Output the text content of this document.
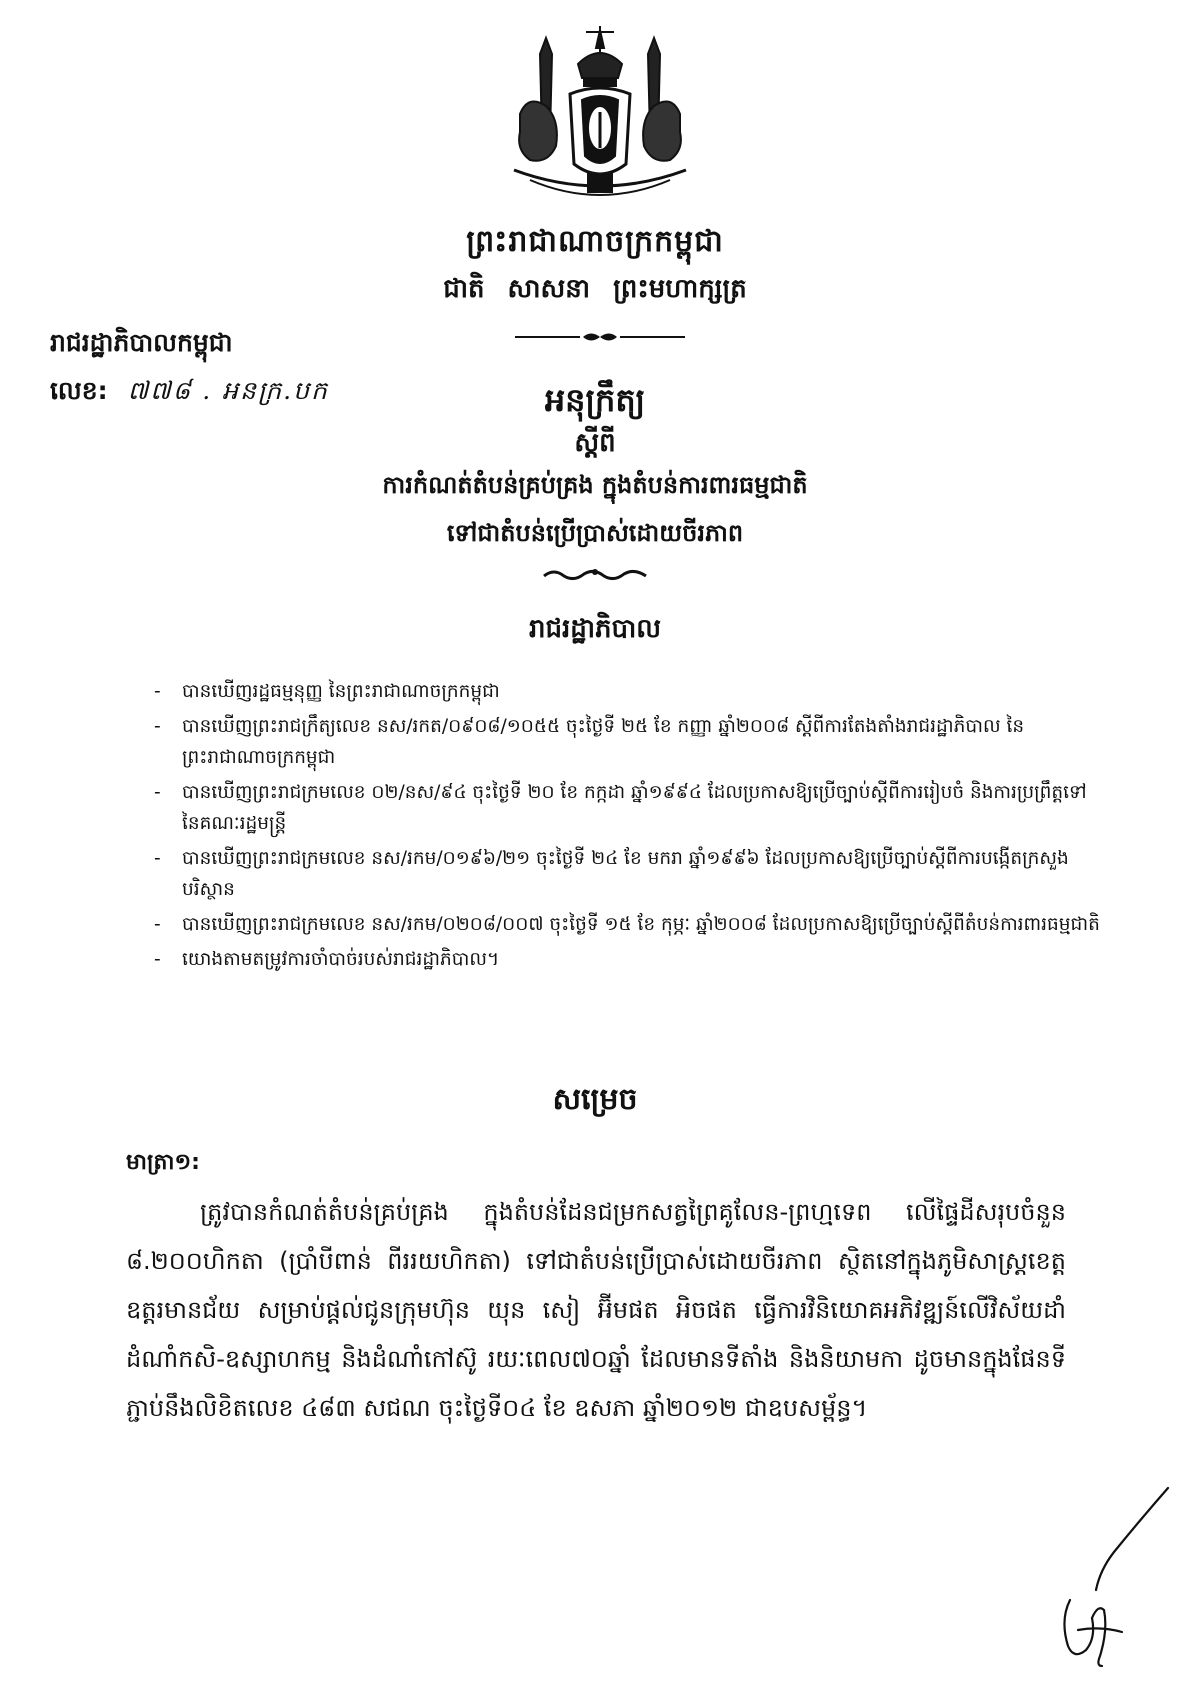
ព្រះរាជាណាចក្រកម្ពុជា
ជាតិ សាសនា ព្រះមហាក្សត្រ
រាជរដ្ឋាភិបាលកម្ពុជា
លេខ: ៧៧៨ . អនក្រ.បក	អនុក្រឹត្យ
ស្តីពី
ការកំណត់តំបន់គ្រប់គ្រង ក្នុងតំបន់ការពារធម្មជាតិ
ទៅជាតំបន់ប្រើប្រាស់ដោយចីរភាព
រាជរដ្ឋាភិបាល
- បានឃើញរដ្ឋធម្មនុញ្ញ នៃព្រះរាជាណាចក្រកម្ពុជា
- បានឃើញព្រះរាជក្រឹត្យលេខ នស/រកត/០៩០៨/១០៥៥ ចុះថ្ងៃទី ២៥ ខែ កញ្ញា ឆ្នាំ២០០៨ ស្តីពីការតែងតាំងរាជរដ្ឋាភិបាល នៃព្រះរាជាណាចក្រកម្ពុជា
- បានឃើញព្រះរាជក្រមលេខ ០២/នស/៩៤ ចុះថ្ងៃទី ២០ ខែ កក្កដា ឆ្នាំ១៩៩៤ ដែលប្រកាសឱ្យប្រើច្បាប់ស្តីពីការរៀបចំ និងការប្រព្រឹត្តទៅ នៃគណៈរដ្ឋមន្ត្រី
- បានឃើញព្រះរាជក្រមលេខ នស/រកម/០១៩៦/២១ ចុះថ្ងៃទី ២៤ ខែ មករា ឆ្នាំ១៩៩៦ ដែលប្រកាសឱ្យប្រើច្បាប់ស្តីពីការបង្កើតក្រសួងបរិស្ថាន
- បានឃើញព្រះរាជក្រមលេខ នស/រកម/០២០៨/០០៧ ចុះថ្ងៃទី ១៥ ខែ កុម្ភៈ ឆ្នាំ២០០៨ ដែលប្រកាសឱ្យប្រើច្បាប់ស្តីពីតំបន់ការពារធម្មជាតិ
- យោងតាមតម្រូវការចាំបាច់របស់រាជរដ្ឋាភិបាល។
សម្រេច
មាត្រា១:

ត្រូវបានកំណត់តំបន់គ្រប់គ្រង ក្នុងតំបន់ដែនជម្រកសត្វព្រៃគូលែន-ព្រហ្មទេព លើផ្ទៃដីសរុបចំនួន ៨.២០០ហិកតា (ប្រាំបីពាន់ ពីររយហិកតា) ទៅជាតំបន់ប្រើប្រាស់ដោយចីរភាព ស្ថិតនៅក្នុងភូមិសាស្ត្រខេត្តឧត្តរមានជ័យ សម្រាប់ផ្តល់ជូនក្រុមហ៊ុន យុន សៀ អ៊ីមផត អិចផត ធ្វើការវិនិយោគអភិវឌ្ឍន៍លើវិស័យដាំដំណាំកសិ-ឧស្សាហកម្ម និងដំណាំកៅស៊ូ រយៈពេល៧០ឆ្នាំ ដែលមានទីតាំង និងនិយាមកា ដូចមានក្នុងផែនទីភ្ជាប់នឹងលិខិតលេខ ៤៨៣ សជណ ចុះថ្ងៃទី០៤ ខែ ឧសភា ឆ្នាំ២០១២ ជាឧបសម្ព័ន្ធ។
